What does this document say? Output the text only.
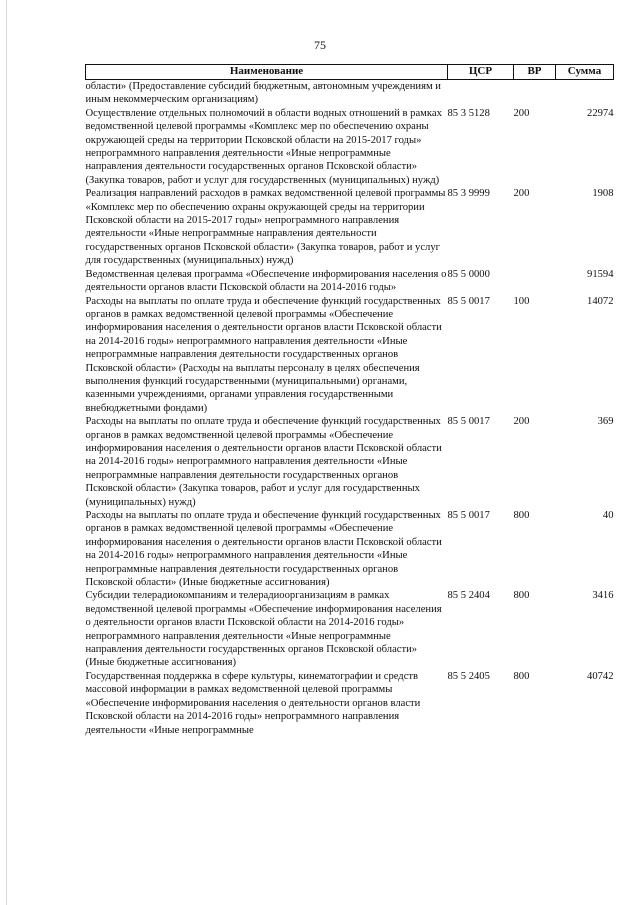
75
Наименование	ЦСР	ВР	Сумма
области» (Предоставление субсидий бюджетным, автономным учреждениям и иным некоммерческим организациям)			
Осуществление отдельных полномочий в области водных отношений в рамках ведомственной целевой программы «Комплекс мер по обеспечению охраны окружающей среды на территории Псковской области на 2015-2017 годы» непрограммного направления деятельности «Иные непрограммные направления деятельности государственных органов Псковской области» (Закупка товаров, работ и услуг для государственных (муниципальных) нужд)	85 3 5128	200	22974
Реализация направлений расходов в рамках ведомственной целевой программы «Комплекс мер по обеспечению охраны окружающей среды на территории Псковской области на 2015-2017 годы» непрограммного направления деятельности «Иные непрограммные направления деятельности государственных органов Псковской области» (Закупка товаров, работ и услуг для государственных (муниципальных) нужд)	85 3 9999	200	1908
Ведомственная целевая программа «Обеспечение информирования населения о деятельности органов власти Псковской области на 2014-2016 годы»	85 5 0000		91594
Расходы на выплаты по оплате труда и обеспечение функций государственных органов в рамках ведомственной целевой программы «Обеспечение информирования населения о деятельности органов власти Псковской области на 2014-2016 годы» непрограммного направления деятельности «Иные непрограммные направления деятельности государственных органов Псковской области» (Расходы на выплаты персоналу в целях обеспечения выполнения функций государственными (муниципальными) органами, казенными учреждениями, органами управления государственными внебюджетными фондами)	85 5 0017	100	14072
Расходы на выплаты по оплате труда и обеспечение функций государственных органов в рамках ведомственной целевой программы «Обеспечение информирования населения о деятельности органов власти Псковской области на 2014-2016 годы» непрограммного направления деятельности «Иные непрограммные направления деятельности государственных органов Псковской области» (Закупка товаров, работ и услуг для государственных (муниципальных) нужд)	85 5 0017	200	369
Расходы на выплаты по оплате труда и обеспечение функций государственных органов в рамках ведомственной целевой программы «Обеспечение информирования населения о деятельности органов власти Псковской области на 2014-2016 годы» непрограммного направления деятельности «Иные непрограммные направления деятельности государственных органов Псковской области» (Иные бюджетные ассигнования)	85 5 0017	800	40
Субсидии телерадиокомпаниям и телерадиоорганизациям в рамках ведомственной целевой программы «Обеспечение информирования населения о деятельности органов власти Псковской области на 2014-2016 годы» непрограммного направления деятельности «Иные непрограммные направления деятельности государственных органов Псковской области» (Иные бюджетные ассигнования)	85 5 2404	800	3416
Государственная поддержка в сфере культуры, кинематографии и средств массовой информации в рамках ведомственной целевой программы «Обеспечение информирования населения о деятельности органов власти Псковской области на 2014-2016 годы» непрограммного направления деятельности «Иные непрограммные	85 5 2405	800	40742
